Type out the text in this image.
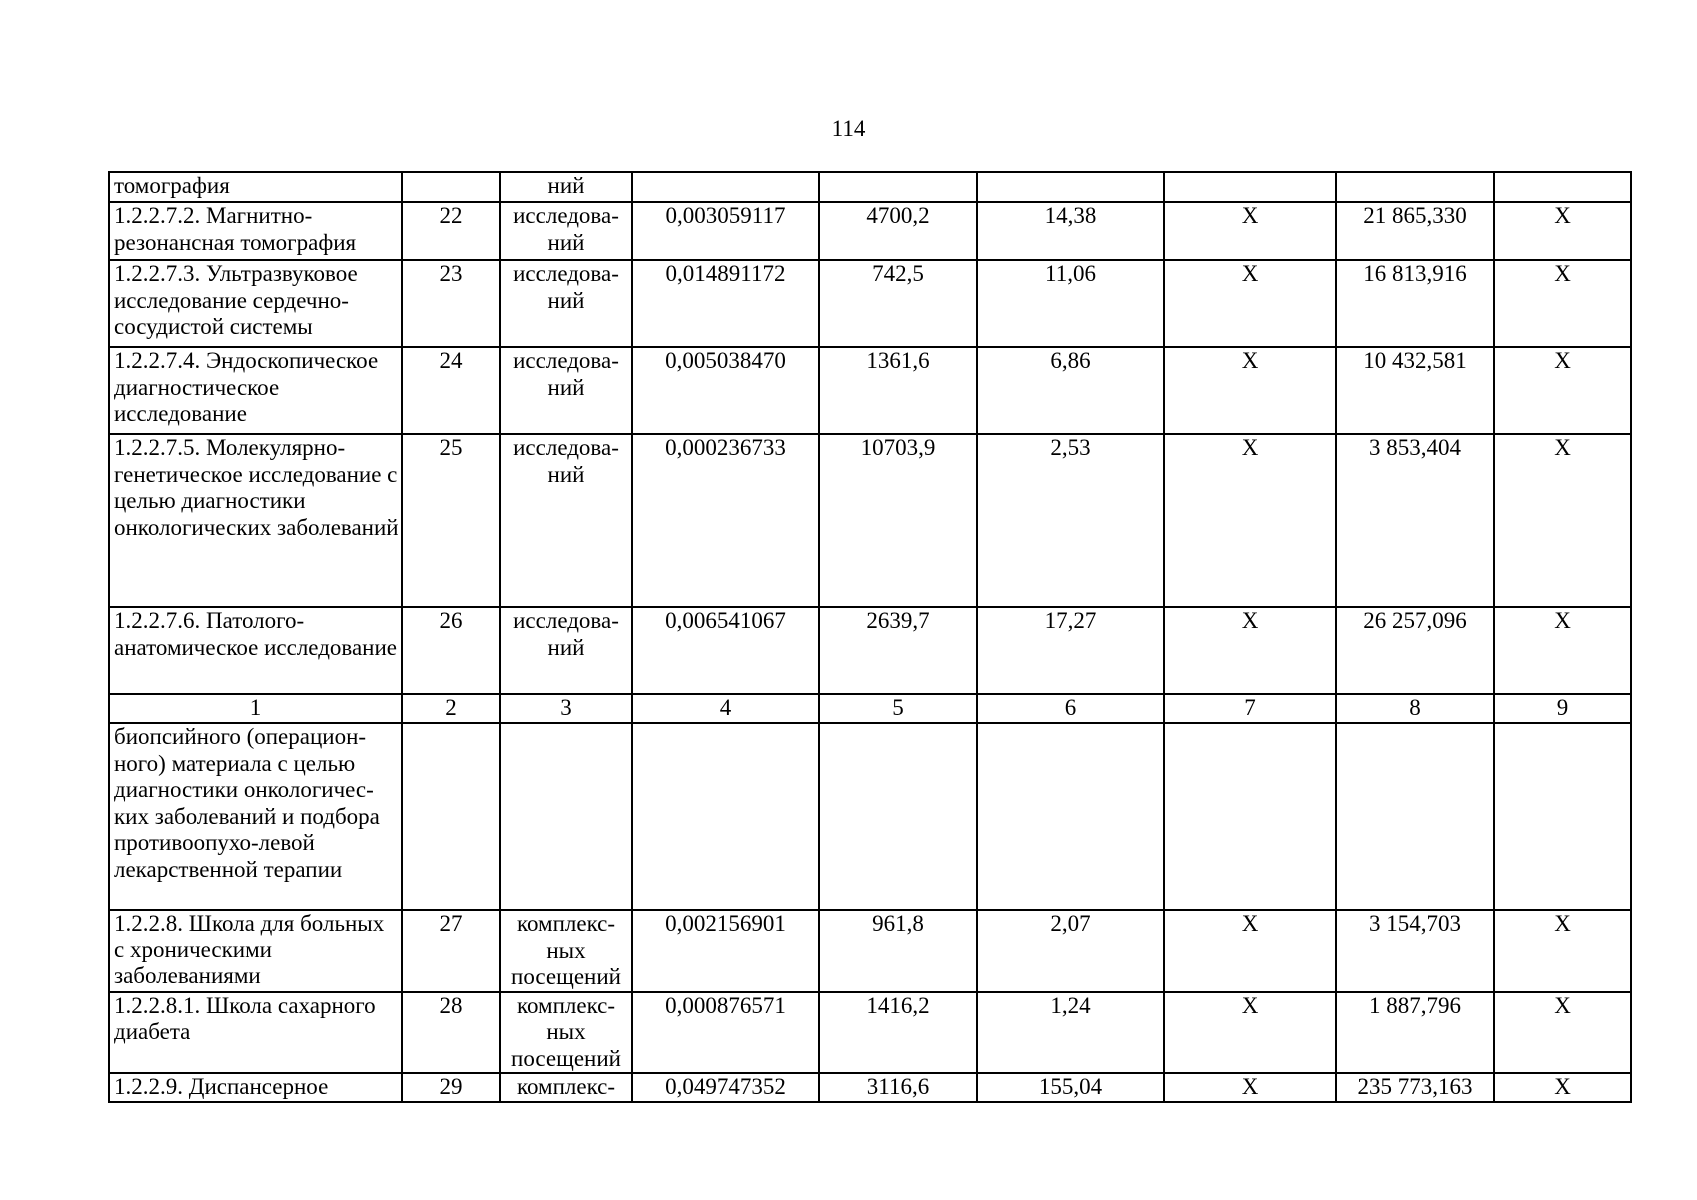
114
томография		ний						
1.2.2.7.2. Магнитно-резонансная томография	22	исследова-ний	0,003059117	4700,2	14,38	X	21 865,330	X
1.2.2.7.3. Ультразвуковое исследование сердечно-сосудистой системы	23	исследова-ний	0,014891172	742,5	11,06	X	16 813,916	X
1.2.2.7.4. Эндоскопическое диагностическое исследование	24	исследова-ний	0,005038470	1361,6	6,86	X	10 432,581	X
1.2.2.7.5. Молекулярно-генетическое исследование с целью диагностики онкологических заболеваний	25	исследова-ний	0,000236733	10703,9	2,53	X	3 853,404	X
1.2.2.7.6. Патолого-анатомическое исследование	26	исследова-ний	0,006541067	2639,7	17,27	X	26 257,096	X
1	2	3	4	5	6	7	8	9
биопсийного (операцион-ного) материала с целью диагностики онкологичес-ких заболеваний и подбора противоопухо-левой лекарственной терапии								
1.2.2.8. Школа для больных с хроническими заболеваниями	27	комплекс-ных посещений	0,002156901	961,8	2,07	X	3 154,703	X
1.2.2.8.1. Школа сахарного диабета	28	комплекс-ных посещений	0,000876571	1416,2	1,24	X	1 887,796	X
1.2.2.9. Диспансерное	29	комплекс-	0,049747352	3116,6	155,04	X	235 773,163	X
